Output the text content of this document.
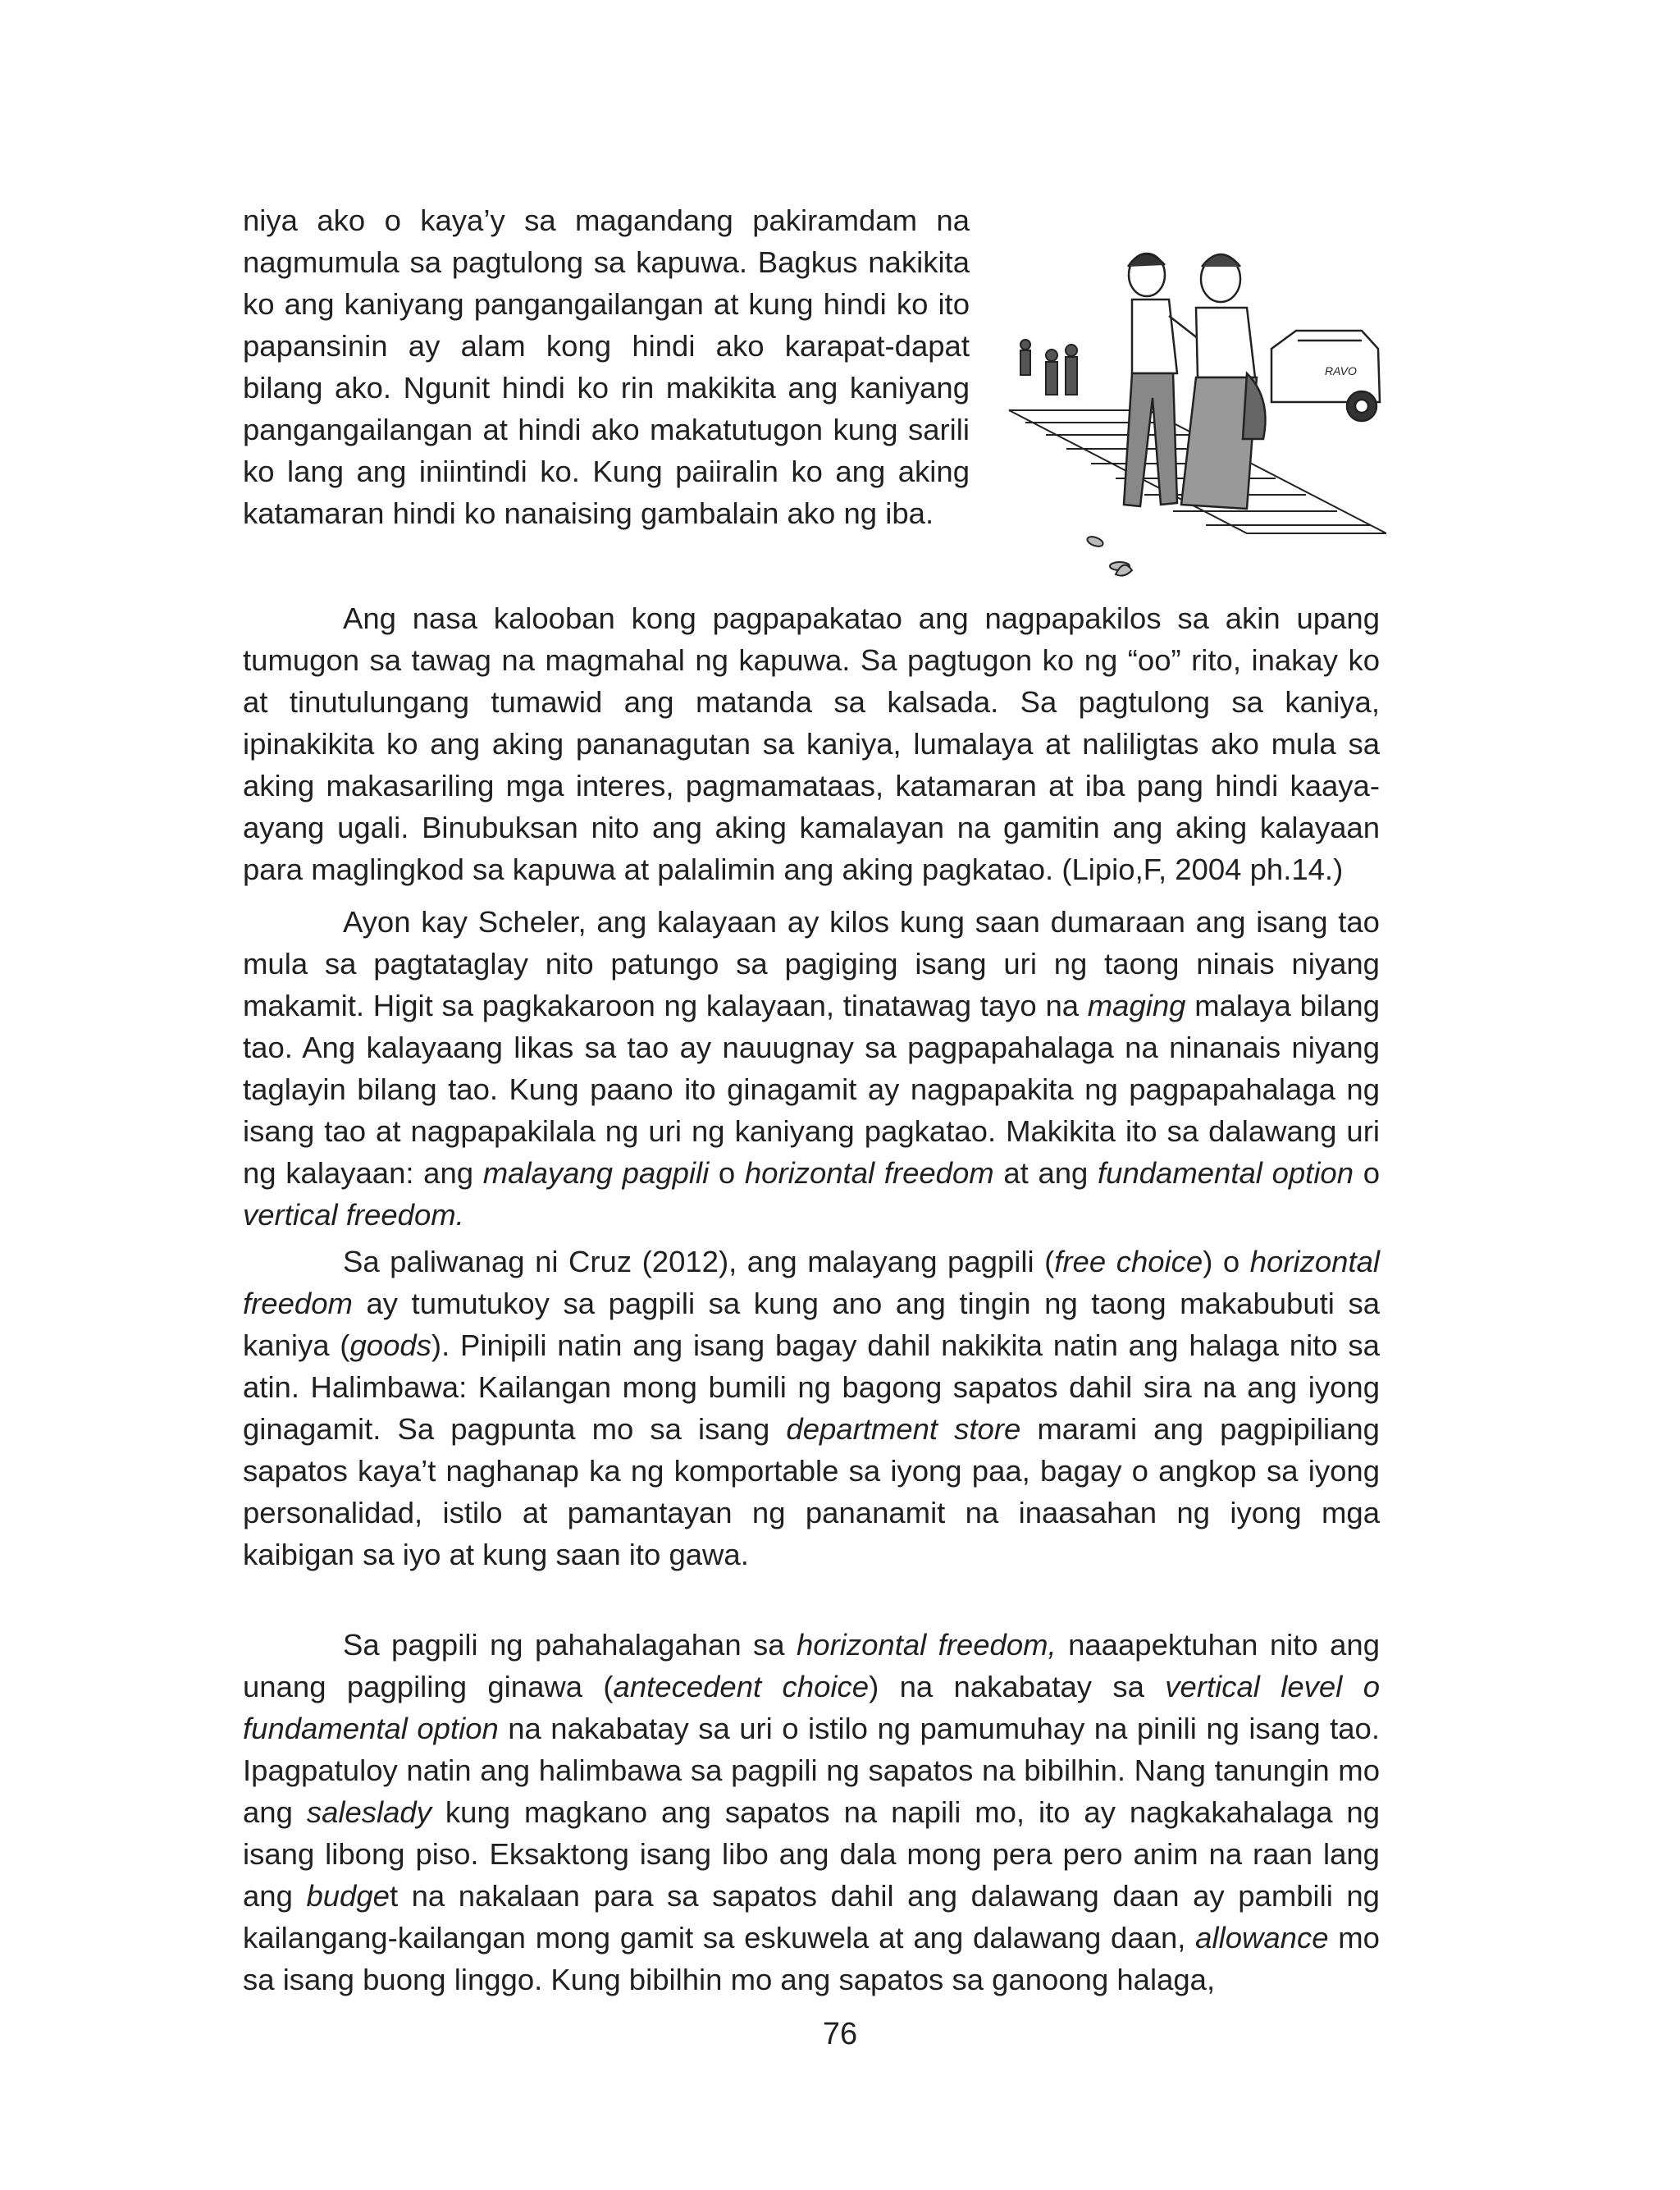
niya ako o kaya’y sa magandang pakiramdam na nagmumula sa pagtulong sa kapuwa. Bagkus nakikita ko ang kaniyang pangangailangan at kung hindi ko ito papansinin ay alam kong hindi ako karapat-dapat bilang ako. Ngunit hindi ko rin makikita ang kaniyang pangangailangan at hindi ako makatutugon kung sarili ko lang ang iniintindi ko. Kung paiiralin ko ang aking katamaran hindi ko nanaising gambalain ako ng iba.

RAVO

Ang nasa kalooban kong pagpapakatao ang nagpapakilos sa akin upang tumugon sa tawag na magmahal ng kapuwa. Sa pagtugon ko ng “oo” rito, inakay ko at tinutulungang tumawid ang matanda sa kalsada. Sa pagtulong sa kaniya, ipinakikita ko ang aking pananagutan sa kaniya, lumalaya at naliligtas ako mula sa aking makasariling mga interes, pagmamataas, katamaran at iba pang hindi kaaya-ayang ugali. Binubuksan nito ang aking kamalayan na gamitin ang aking kalayaan para maglingkod sa kapuwa at palalimin ang aking pagkatao. (Lipio,F, 2004 ph.14.)

Ayon kay Scheler, ang kalayaan ay kilos kung saan dumaraan ang isang tao mula sa pagtataglay nito patungo sa pagiging isang uri ng taong ninais niyang makamit. Higit sa pagkakaroon ng kalayaan, tinatawag tayo na maging malaya bilang tao. Ang kalayaang likas sa tao ay nauugnay sa pagpapahalaga na ninanais niyang taglayin bilang tao. Kung paano ito ginagamit ay nagpapakita ng pagpapahalaga ng isang tao at nagpapakilala ng uri ng kaniyang pagkatao. Makikita ito sa dalawang uri ng kalayaan: ang malayang pagpili o horizontal freedom at ang fundamental option o vertical freedom.

Sa paliwanag ni Cruz (2012), ang malayang pagpili (free choice) o horizontal freedom ay tumutukoy sa pagpili sa kung ano ang tingin ng taong makabubuti sa kaniya (goods). Pinipili natin ang isang bagay dahil nakikita natin ang halaga nito sa atin. Halimbawa: Kailangan mong bumili ng bagong sapatos dahil sira na ang iyong ginagamit. Sa pagpunta mo sa isang department store marami ang pagpipiliang sapatos kaya’t naghanap ka ng komportable sa iyong paa, bagay o angkop sa iyong personalidad, istilo at pamantayan ng pananamit na inaasahan ng iyong mga kaibigan sa iyo at kung saan ito gawa.

Sa pagpili ng pahahalagahan sa horizontal freedom, naaapektuhan nito ang unang pagpiling ginawa (antecedent choice) na nakabatay sa vertical level o fundamental option na nakabatay sa uri o istilo ng pamumuhay na pinili ng isang tao. Ipagpatuloy natin ang halimbawa sa pagpili ng sapatos na bibilhin. Nang tanungin mo ang saleslady kung magkano ang sapatos na napili mo, ito ay nagkakahalaga ng isang libong piso. Eksaktong isang libo ang dala mong pera pero anim na raan lang ang budget na nakalaan para sa sapatos dahil ang dalawang daan ay pambili ng kailangang-kailangan mong gamit sa eskuwela at ang dalawang daan, allowance mo sa isang buong linggo. Kung bibilhin mo ang sapatos sa ganoong halaga,

76
